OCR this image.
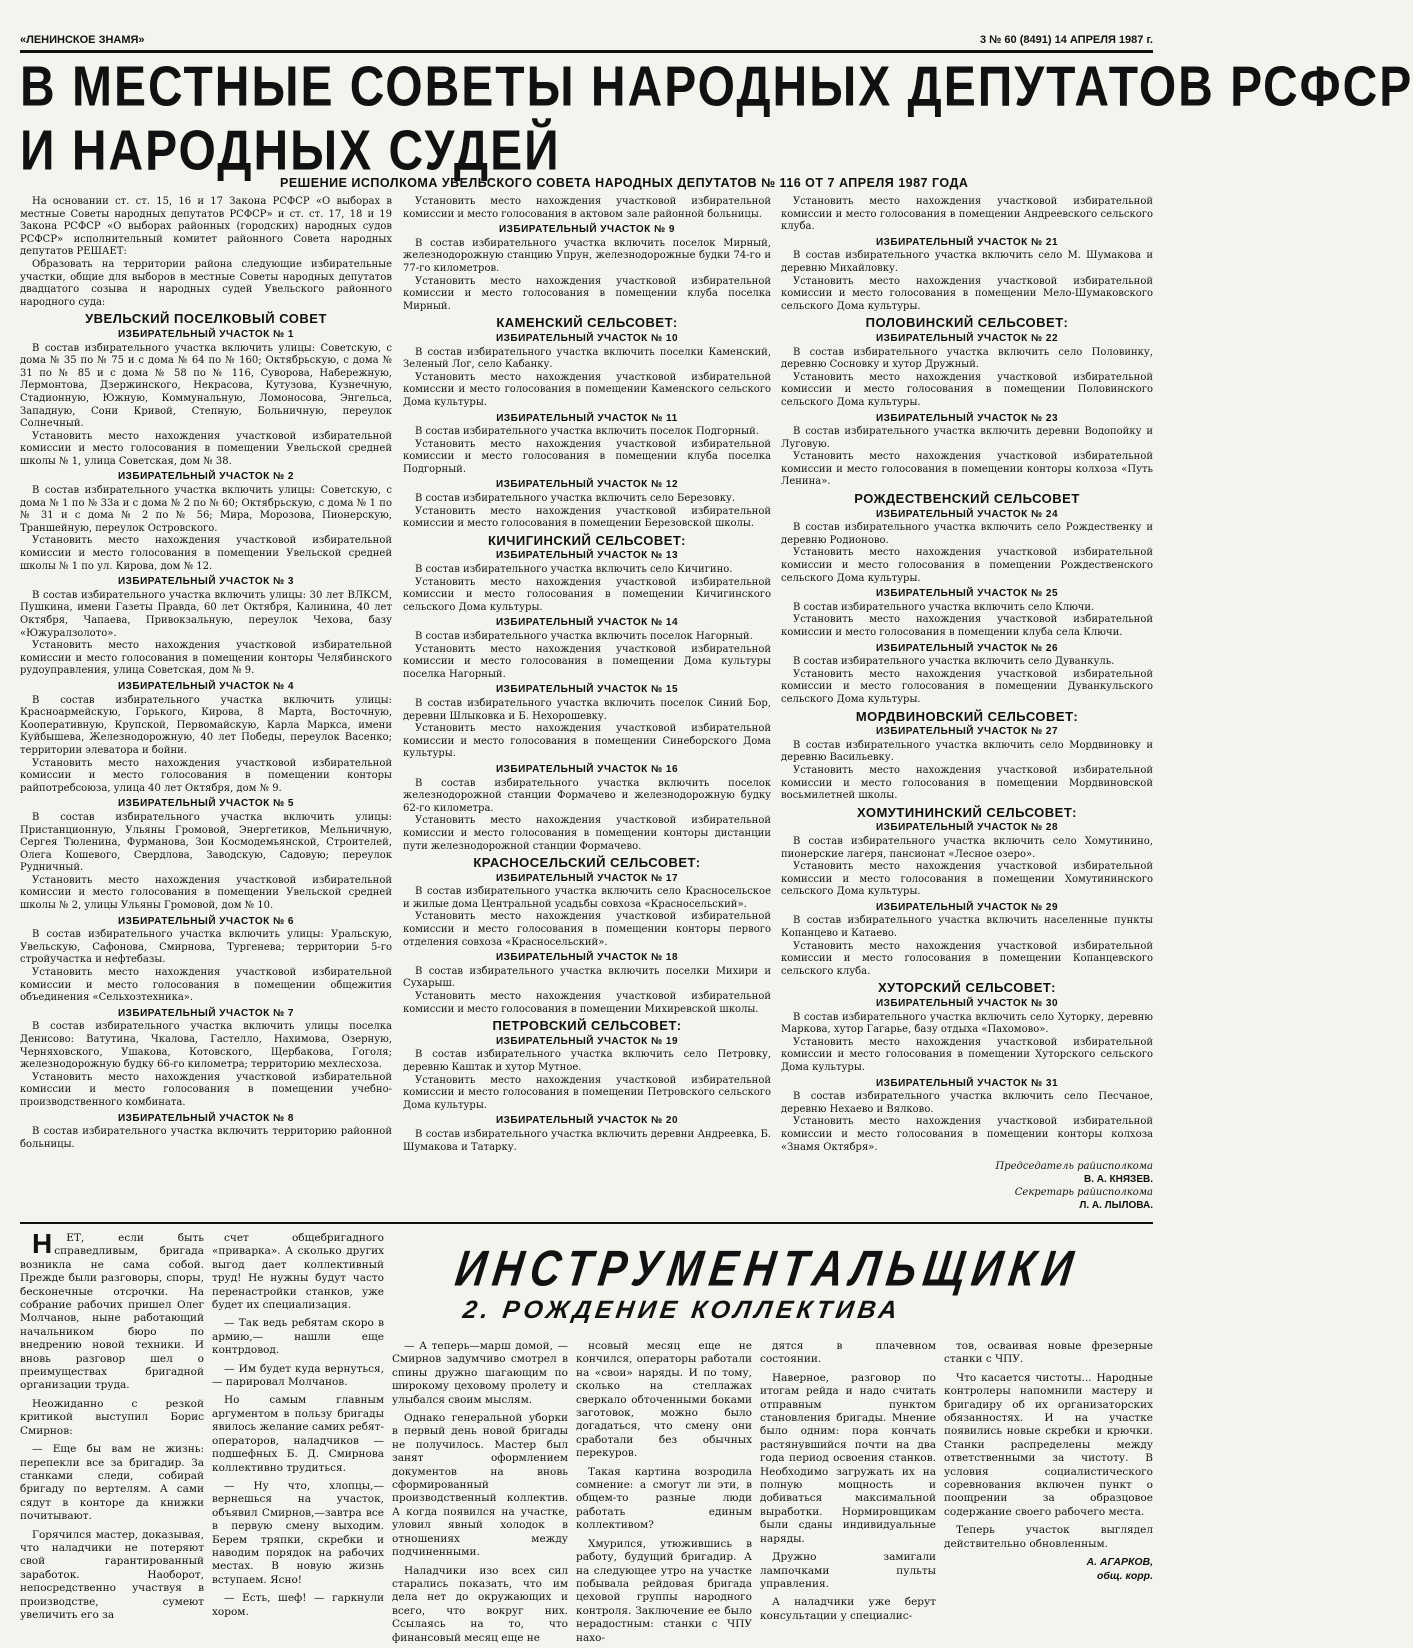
«ЛЕНИНСКОЕ ЗНАМЯ»	3 № 60 (8491) 14 АПРЕЛЯ 1987 г.
В МЕСТНЫЕ СОВЕТЫ НАРОДНЫХ ДЕПУТАТОВ РСФСР
И НАРОДНЫХ СУДЕЙ
РЕШЕНИЕ ИСПОЛКОМА УВЕЛЬСКОГО СОВЕТА НАРОДНЫХ ДЕПУТАТОВ № 116 ОТ 7 АПРЕЛЯ 1987 ГОДА

На основании ст. ст. 15, 16 и 17 Закона РСФСР «О выборах в местные Советы народных депутатов РСФСР» и ст. ст. 17, 18 и 19 Закона РСФСР «О выборах районных (городских) народных судов РСФСР» исполнительный комитет районного Совета народных депутатов РЕШАЕТ:

Образовать на территории района следующие избирательные участки, общие для выборов в местные Советы народных депутатов двадцатого созыва и народных судей Увельского районного народного суда:

УВЕЛЬСКИЙ ПОСЕЛКОВЫЙ СОВЕТ

ИЗБИРАТЕЛЬНЫЙ УЧАСТОК № 1

В состав избирательного участка включить улицы: Советскую, с дома № 35 по № 75 и с дома № 64 по № 160; Октябрьскую, с дома № 31 по № 85 и с дома № 58 по № 116, Суворова, Набережную, Лермонтова, Дзержинского, Некрасова, Кутузова, Кузнечную, Стадионную, Южную, Коммунальную, Ломоносова, Энгельса, Западную, Сони Кривой, Степную, Больничную, переулок Солнечный.

Установить место нахождения участковой избирательной комиссии и место голосования в помещении Увельской средней школы № 1, улица Советская, дом № 38.

ИЗБИРАТЕЛЬНЫЙ УЧАСТОК № 2

В состав избирательного участка включить улицы: Советскую, с дома № 1 по № 33а и с дома № 2 по № 60; Октябрьскую, с дома № 1 по № 31 и с дома № 2 по № 56; Мира, Морозова, Пионерскую, Траншейную, переулок Островского.

Установить место нахождения участковой избирательной комиссии и место голосования в помещении Увельской средней школы № 1 по ул. Кирова, дом № 12.

ИЗБИРАТЕЛЬНЫЙ УЧАСТОК № 3

В состав избирательного участка включить улицы: 30 лет ВЛКСМ, Пушкина, имени Газеты Правда, 60 лет Октября, Калинина, 40 лет Октября, Чапаева, Привокзальную, переулок Чехова, базу «Южуралзолото».

Установить место нахождения участковой избирательной комиссии и место голосования в помещении конторы Челябинского рудоуправления, улица Советская, дом № 9.

ИЗБИРАТЕЛЬНЫЙ УЧАСТОК № 4

В состав избирательного участка включить улицы: Красноармейскую, Горького, Кирова, 8 Марта, Восточную, Кооперативную, Крупской, Первомайскую, Карла Маркса, имени Куйбышева, Железнодорожную, 40 лет Победы, переулок Васенко; территории элеватора и бойни.

Установить место нахождения участковой избирательной комиссии и место голосования в помещении конторы райпотребсоюза, улица 40 лет Октября, дом № 9.

ИЗБИРАТЕЛЬНЫЙ УЧАСТОК № 5

В состав избирательного участка включить улицы: Пристанционную, Ульяны Громовой, Энергетиков, Мельничную, Сергея Тюленина, Фурманова, Зои Космодемьянской, Строителей, Олега Кошевого, Свердлова, Заводскую, Садовую; переулок Рудничный.

Установить место нахождения участковой избирательной комиссии и место голосования в помещении Увельской средней школы № 2, улицы Ульяны Громовой, дом № 10.

ИЗБИРАТЕЛЬНЫЙ УЧАСТОК № 6

В состав избирательного участка включить улицы: Уральскую, Увельскую, Сафонова, Смирнова, Тургенева; территории 5-го стройучастка и нефтебазы.

Установить место нахождения участковой избирательной комиссии и место голосования в помещении общежития объединения «Сельхозтехника».

ИЗБИРАТЕЛЬНЫЙ УЧАСТОК № 7

В состав избирательного участка включить улицы поселка Денисово: Ватутина, Чкалова, Гастелло, Нахимова, Озерную, Черняховского, Ушакова, Котовского, Щербакова, Гоголя; железнодорожную будку 66-го километра; территорию мехлесхоза.

Установить место нахождения участковой избирательной комиссии и место голосования в помещении учебно-производственного комбината.

ИЗБИРАТЕЛЬНЫЙ УЧАСТОК № 8

В состав избирательного участка включить территорию районной больницы.

Установить место нахождения участковой избирательной комиссии и место голосования в актовом зале районной больницы.

ИЗБИРАТЕЛЬНЫЙ УЧАСТОК № 9

В состав избирательного участка включить поселок Мирный, железнодорожную станцию Упрун, железнодорожные будки 74-го и 77-го километров.

Установить место нахождения участковой избирательной комиссии и место голосования в помещении клуба поселка Мирный.

КАМЕНСКИЙ СЕЛЬСОВЕТ:

ИЗБИРАТЕЛЬНЫЙ УЧАСТОК № 10

В состав избирательного участка включить поселки Каменский, Зеленый Лог, село Кабанку.

Установить место нахождения участковой избирательной комиссии и место голосования в помещении Каменского сельского Дома культуры.

ИЗБИРАТЕЛЬНЫЙ УЧАСТОК № 11

В состав избирательного участка включить поселок Подгорный.

Установить место нахождения участковой избирательной комиссии и место голосования в помещении клуба поселка Подгорный.

ИЗБИРАТЕЛЬНЫЙ УЧАСТОК № 12

В состав избирательного участка включить село Березовку.

Установить место нахождения участковой избирательной комиссии и место голосования в помещении Березовской школы.

КИЧИГИНСКИЙ СЕЛЬСОВЕТ:

ИЗБИРАТЕЛЬНЫЙ УЧАСТОК № 13

В состав избирательного участка включить село Кичигино.

Установить место нахождения участковой избирательной комиссии и место голосования в помещении Кичигинского сельского Дома культуры.

ИЗБИРАТЕЛЬНЫЙ УЧАСТОК № 14

В состав избирательного участка включить поселок Нагорный.

Установить место нахождения участковой избирательной комиссии и место голосования в помещении Дома культуры поселка Нагорный.

ИЗБИРАТЕЛЬНЫЙ УЧАСТОК № 15

В состав избирательного участка включить поселок Синий Бор, деревни Шлыковка и Б. Нехорошевку.

Установить место нахождения участковой избирательной комиссии и место голосования в помещении Синеборского Дома культуры.

ИЗБИРАТЕЛЬНЫЙ УЧАСТОК № 16

В состав избирательного участка включить поселок железнодорожной станции Формачево и железнодорожную будку 62-го километра.

Установить место нахождения участковой избирательной комиссии и место голосования в помещении конторы дистанции пути железнодорожной станции Формачево.

КРАСНОСЕЛЬСКИЙ СЕЛЬСОВЕТ:

ИЗБИРАТЕЛЬНЫЙ УЧАСТОК № 17

В состав избирательного участка включить село Красносельское и жилые дома Центральной усадьбы совхоза «Красносельский».

Установить место нахождения участковой избирательной комиссии и место голосования в помещении конторы первого отделения совхоза «Красносельский».

ИЗБИРАТЕЛЬНЫЙ УЧАСТОК № 18

В состав избирательного участка включить поселки Михири и Сухарыш.

Установить место нахождения участковой избирательной комиссии и место голосования в помещении Михиревской школы.

ПЕТРОВСКИЙ СЕЛЬСОВЕТ:

ИЗБИРАТЕЛЬНЫЙ УЧАСТОК № 19

В состав избирательного участка включить село Петровку, деревню Каштак и хутор Мутное.

Установить место нахождения участковой избирательной комиссии и место голосования в помещении Петровского сельского Дома культуры.

ИЗБИРАТЕЛЬНЫЙ УЧАСТОК № 20

В состав избирательного участка включить деревни Андреевка, Б. Шумакова и Татарку.

Установить место нахождения участковой избирательной комиссии и место голосования в помещении Андреевского сельского клуба.

ИЗБИРАТЕЛЬНЫЙ УЧАСТОК № 21

В состав избирательного участка включить село М. Шумакова и деревню Михайловку.

Установить место нахождения участковой избирательной комиссии и место голосования в помещении Мело-Шумаковского сельского Дома культуры.

ПОЛОВИНСКИЙ СЕЛЬСОВЕТ:

ИЗБИРАТЕЛЬНЫЙ УЧАСТОК № 22

В состав избирательного участка включить село Половинку, деревню Сосновку и хутор Дружный.

Установить место нахождения участковой избирательной комиссии и место голосования в помещении Половинского сельского Дома культуры.

ИЗБИРАТЕЛЬНЫЙ УЧАСТОК № 23

В состав избирательного участка включить деревни Водопойку и Луговую.

Установить место нахождения участковой избирательной комиссии и место голосования в помещении конторы колхоза «Путь Ленина».

РОЖДЕСТВЕНСКИЙ СЕЛЬСОВЕТ

ИЗБИРАТЕЛЬНЫЙ УЧАСТОК № 24

В состав избирательного участка включить село Рождественку и деревню Родионово.

Установить место нахождения участковой избирательной комиссии и место голосования в помещении Рождественского сельского Дома культуры.

ИЗБИРАТЕЛЬНЫЙ УЧАСТОК № 25

В состав избирательного участка включить село Ключи.

Установить место нахождения участковой избирательной комиссии и место голосования в помещении клуба села Ключи.

ИЗБИРАТЕЛЬНЫЙ УЧАСТОК № 26

В состав избирательного участка включить село Дуванкуль.

Установить место нахождения участковой избирательной комиссии и место голосования в помещении Дуванкульского сельского Дома культуры.

МОРДВИНОВСКИЙ СЕЛЬСОВЕТ:

ИЗБИРАТЕЛЬНЫЙ УЧАСТОК № 27

В состав избирательного участка включить село Мордвиновку и деревню Васильевку.

Установить место нахождения участковой избирательной комиссии и место голосования в помещении Мордвиновской восьмилетней школы.

ХОМУТИНИНСКИЙ СЕЛЬСОВЕТ:

ИЗБИРАТЕЛЬНЫЙ УЧАСТОК № 28

В состав избирательного участка включить село Хомутинино, пионерские лагеря, пансионат «Лесное озеро».

Установить место нахождения участковой избирательной комиссии и место голосования в помещении Хомутининского сельского Дома культуры.

ИЗБИРАТЕЛЬНЫЙ УЧАСТОК № 29

В состав избирательного участка включить населенные пункты Копанцево и Катаево.

Установить место нахождения участковой избирательной комиссии и место голосования в помещении Копанцевского сельского клуба.

ХУТОРСКИЙ СЕЛЬСОВЕТ:

ИЗБИРАТЕЛЬНЫЙ УЧАСТОК № 30

В состав избирательного участка включить село Хуторку, деревню Маркова, хутор Гагарье, базу отдыха «Пахомово».

Установить место нахождения участковой избирательной комиссии и место голосования в помещении Хуторского сельского Дома культуры.

ИЗБИРАТЕЛЬНЫЙ УЧАСТОК № 31

В состав избирательного участка включить село Песчаное, деревню Нехаево и Вялково.

Установить место нахождения участковой избирательной комиссии и место голосования в помещении конторы колхоза «Знамя Октября».

Председатель райисполкома
В. А. КНЯЗЕВ.
Секретарь райисполкома
Л. А. ЛЫЛОВА.
ИНСТРУМЕНТАЛЬЩИКИ
2. РОЖДЕНИЕ КОЛЛЕКТИВА

Н ЕТ, если быть справедливым, бригада возникла не сама собой. Прежде были разговоры, споры, бесконечные отсрочки. На собрание рабочих пришел Олег Молчанов, ныне работающий начальником бюро по внедрению новой техники. И вновь разговор шел о преимуществах бригадной организации труда.

Неожиданно с резкой критикой выступил Борис Смирнов:

— Еще бы вам не жизнь: перепекли все за бригадир. За станками следи, собирай бригаду по вертелям. А сами сядут в конторе да книжки почитывают.

Горячился мастер, доказывая, что наладчики не потеряют свой гарантированный заработок. Наоборот, непосредственно участвуя в производстве, сумеют увеличить его за

счет общебригадного «приварка». А сколько других выгод дает коллективный труд! Не нужны будут часто перенастройки станков, уже будет их специализация.

— Так ведь ребятам скоро в армию,— нашли еще контрдовод.

— Им будет куда вернуться,— парировал Молчанов.

Но самым главным аргументом в пользу бригады явилось желание самих ребят-операторов, наладчиков — подшефных Б. Д. Смирнова коллективно трудиться.

— Ну что, хлопцы,— вернешься на участок, объявил Смирнов,—завтра все в первую смену выходим. Берем тряпки, скребки и наводим порядок на рабочих местах. В новую жизнь вступаем. Ясно!

— Есть, шеф! — гаркнули хором.

— А теперь—марш домой, — Смирнов задумчиво смотрел в спины дружно шагающим по широкому цеховому пролету и улыбался своим мыслям.

Однако генеральной уборки в первый день новой бригады не получилось. Мастер был занят оформлением документов на вновь сформированный производственный коллектив. А когда появился на участке, уловил явный холодок в отношениях между подчиненными.

Наладчики изо всех сил старались показать, что им дела нет до окружающих и всего, что вокруг них. Ссылаясь на то, что финансовый месяц еще не

нсовый месяц еще не кончился, операторы работали на «свои» наряды. И по тому, сколько на стеллажах сверкало обточенными боками заготовок, можно было догадаться, что смену они сработали без обычных перекуров.

Такая картина возродила сомнение: а смогут ли эти, в общем-то разные люди работать единым коллективом?

Хмурился, утюжившись в работу, будущий бригадир. А на следующее утро на участке побывала рейдовая бригада цеховой группы народного контроля. Заключение ее было нерадостным: станки с ЧПУ нахо-

дятся в плачевном состоянии.

Наверное, разговор по итогам рейда и надо считать отправным пунктом становления бригады. Мнение было одним: пора кончать растянувшийся почти на два года период освоения станков. Необходимо загружать их на полную мощность и добиваться максимальной выработки. Нормировщикам были сданы индивидуальные наряды.

Дружно замигали лампочками пульты управления.

А наладчики уже берут консультации у специалис-

тов, осваивая новые фрезерные станки с ЧПУ.

Что касается чистоты... Народные контролеры напомнили мастеру и бригадиру об их организаторских обязанностях. И на участке появились новые скребки и крючки. Станки распределены между ответственными за чистоту. В условия социалистического соревнования включен пункт о поощрении за образцовое содержание своего рабочего места.

Теперь участок выглядел действительно обновленным.

А. АГАРКОВ,
общ. корр.
